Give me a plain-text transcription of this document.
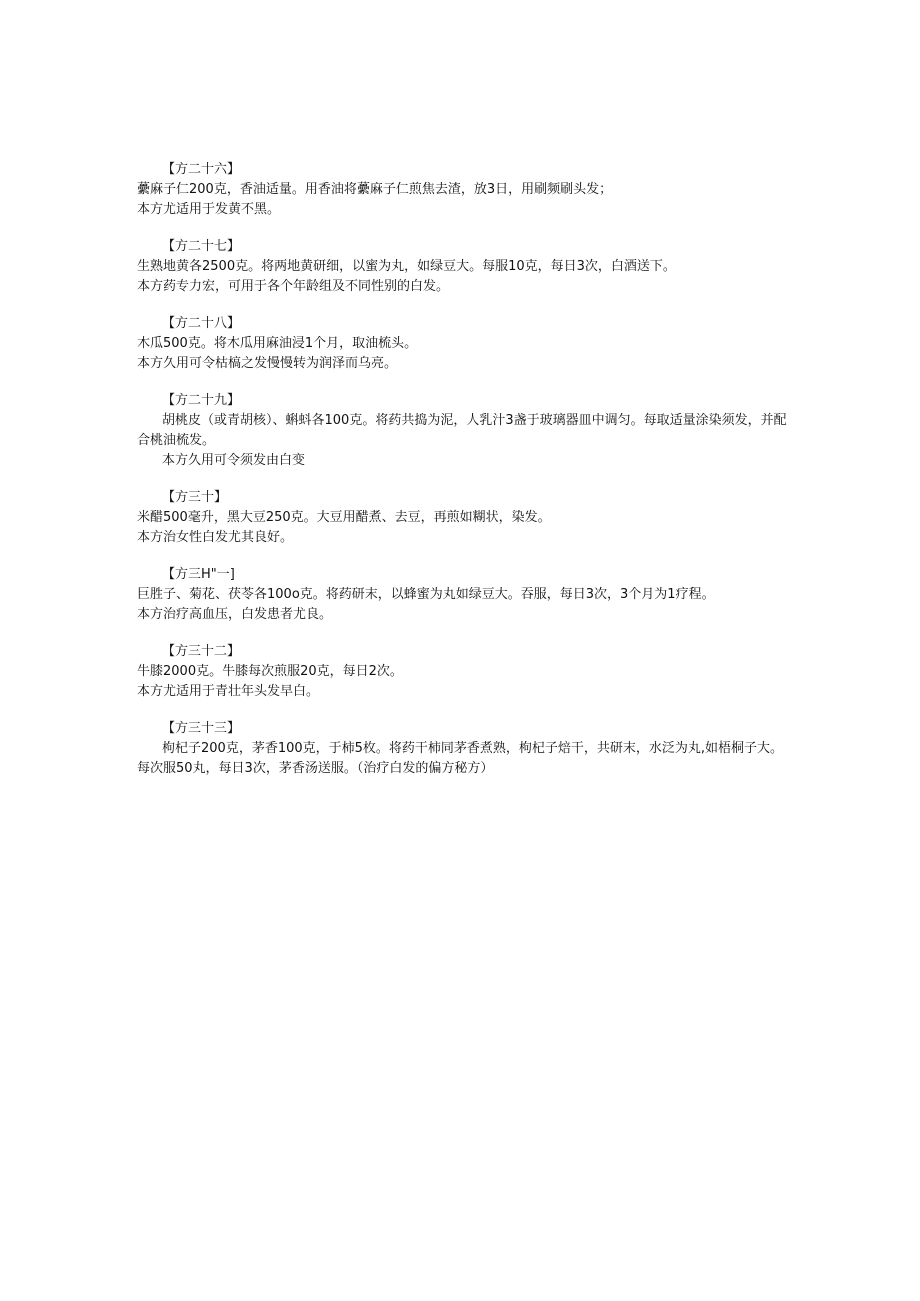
【方二十六】
虆麻子仁200克，香油适量。用香油将虆麻子仁煎焦去渣，放3日，用刷频刷头发；
本方尤适用于发黄不黑。
【方二十七】
生熟地黄各2500克。将两地黄研细，以蜜为丸，如绿豆大。每服10克，每日3次，白酒送下。
本方药专力宏，可用于各个年龄组及不同性别的白发。
【方二十八】
木瓜500克。将木瓜用麻油浸1个月，取油梳头。
本方久用可令枯槁之发慢慢转为润泽而乌亮。
【方二十九】
胡桃皮（或青胡核）、蝌蚪各100克。将药共捣为泥，人乳汁3盏于玻璃器皿中调匀。每取适量涂染须发，并配合桃油梳发。
本方久用可令须发由白变
【方三十】
米醋500毫升，黑大豆250克。大豆用醋煮、去豆，再煎如糊状，染发。
本方治女性白发尤其良好。
【方三H"一]
巨胜子、菊花、茯苓各100o克。将药研末，以蜂蜜为丸如绿豆大。吞服，每日3次，3个月为1疗程。
本方治疗高血压，白发患者尤良。
【方三十二】
牛膝2000克。牛膝每次煎服20克，每日2次。
本方尤适用于青壮年头发早白。
【方三十三】
枸杞子200克，茅香100克，于柿5枚。将药干柿同茅香煮熟，枸杞子焙干，共研末，水泛为丸,如梧桐子大。每次服50丸，每日3次，茅香汤送服。（治疗白发的偏方秘方）
